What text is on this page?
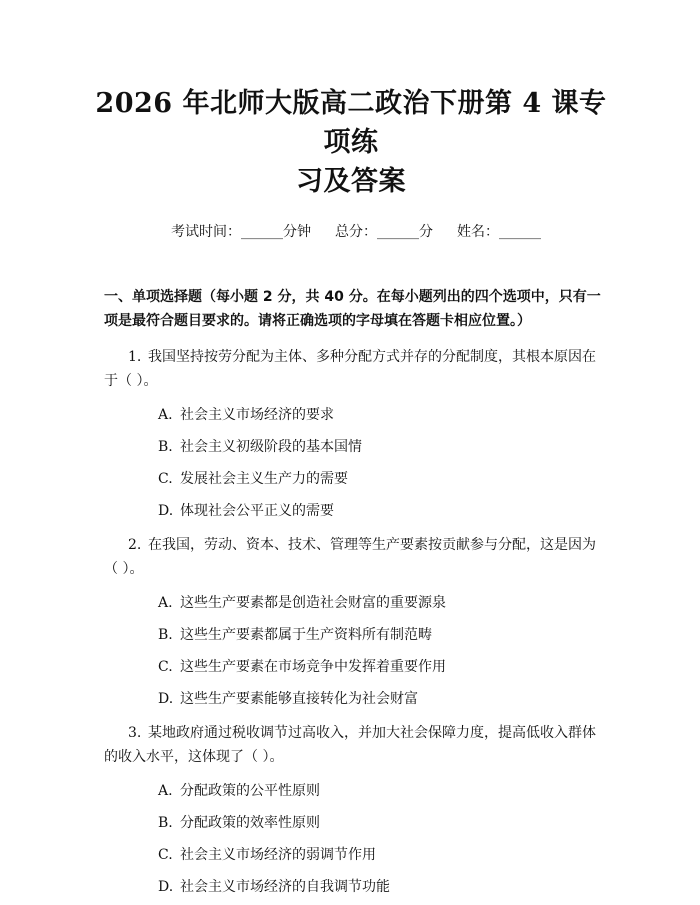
2026 年北师大版高二政治下册第 4 课专项练
习及答案
考试时间：______分钟 总分：______分 姓名：______
一、单项选择题（每小题 2 分，共 40 分。在每小题列出的四个选项中，只有一项是最符合题目要求的。请将正确选项的字母填在答题卡相应位置。）
1. 我国坚持按劳分配为主体、多种分配方式并存的分配制度，其根本原因在于（ ）。
A. 社会主义市场经济的要求
B. 社会主义初级阶段的基本国情
C. 发展社会主义生产力的需要
D. 体现社会公平正义的需要
2. 在我国，劳动、资本、技术、管理等生产要素按贡献参与分配，这是因为（ ）。
A. 这些生产要素都是创造社会财富的重要源泉
B. 这些生产要素都属于生产资料所有制范畴
C. 这些生产要素在市场竞争中发挥着重要作用
D. 这些生产要素能够直接转化为社会财富
3. 某地政府通过税收调节过高收入，并加大社会保障力度，提高低收入群体的收入水平，这体现了（ ）。
A. 分配政策的公平性原则
B. 分配政策的效率性原则
C. 社会主义市场经济的弱调节作用
D. 社会主义市场经济的自我调节功能
